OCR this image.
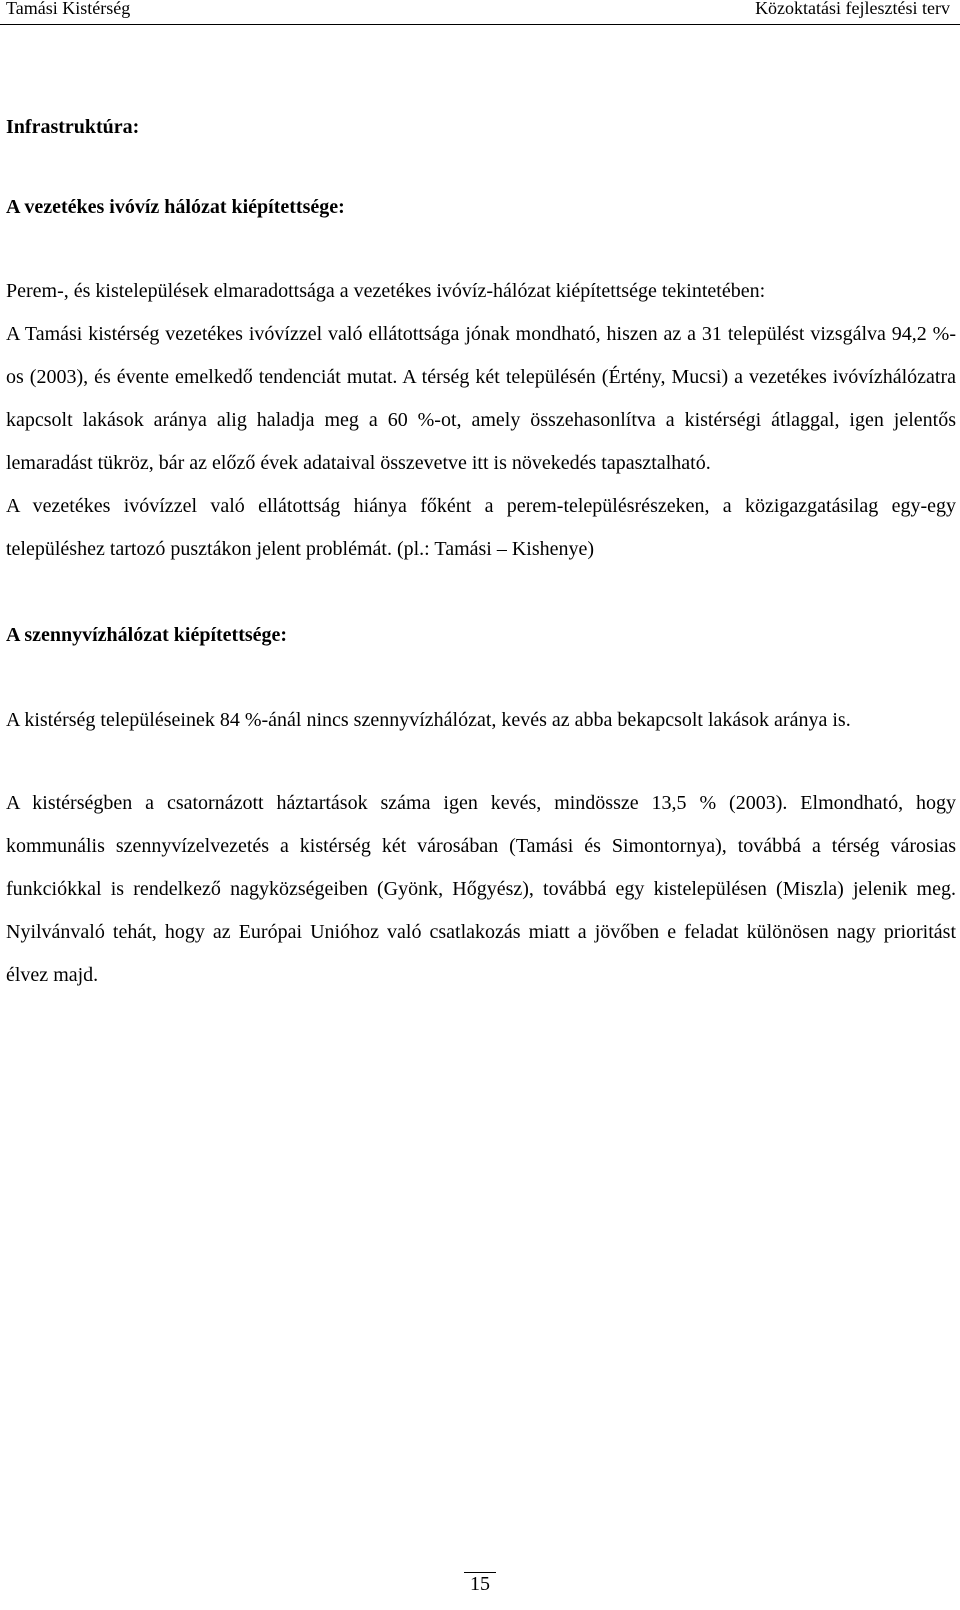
Tamási Kistérség	Közoktatási fejlesztési terv

Infrastruktúra:

A vezetékes ivóvíz hálózat kiépítettsége:

Perem-, és kistelepülések elmaradottsága a vezetékes ivóvíz-hálózat kiépítettsége tekintetében:

A Tamási kistérség vezetékes ivóvízzel való ellátottsága jónak mondható, hiszen az a 31 települést vizsgálva 94,2 %-os (2003), és évente emelkedő tendenciát mutat. A térség két településén (Értény, Mucsi) a vezetékes ivóvízhálózatra kapcsolt lakások aránya alig haladja meg a 60 %-ot, amely összehasonlítva a kistérségi átlaggal, igen jelentős lemaradást tükröz, bár az előző évek adataival összevetve itt is növekedés tapasztalható.

A vezetékes ivóvízzel való ellátottság hiánya főként a perem-településrészeken, a közigazgatásilag egy-egy településhez tartozó pusztákon jelent problémát. (pl.: Tamási – Kishenye)

A szennyvízhálózat kiépítettsége:

A kistérség településeinek 84 %-ánál nincs szennyvízhálózat, kevés az abba bekapcsolt lakások aránya is.

A kistérségben a csatornázott háztartások száma igen kevés, mindössze 13,5 % (2003). Elmondható, hogy kommunális szennyvízelvezetés a kistérség két városában (Tamási és Simontornya), továbbá a térség városias funkciókkal is rendelkező nagyközségeiben (Gyönk, Hőgyész), továbbá egy kistelepülésen (Miszla) jelenik meg. Nyilvánvaló tehát, hogy az Európai Unióhoz való csatlakozás miatt a jövőben e feladat különösen nagy prioritást élvez majd.

15
